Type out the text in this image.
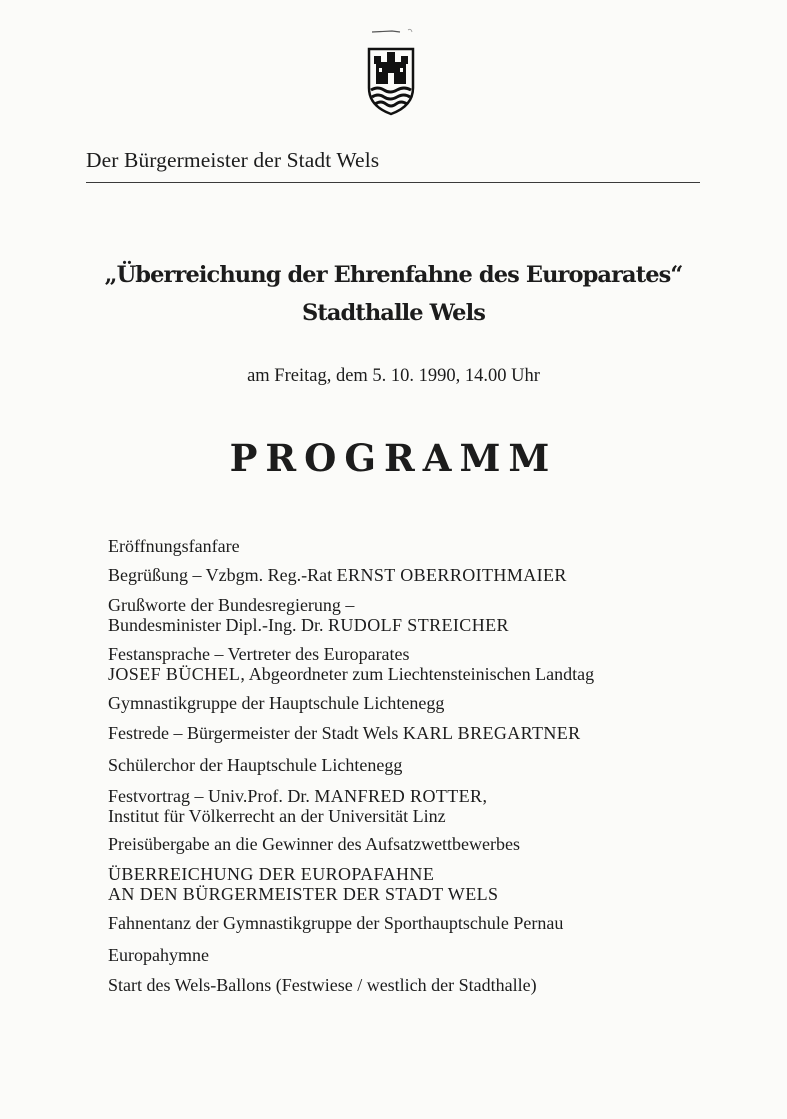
Der Bürgermeister der Stadt Wels
„Überreichung der Ehrenfahne des Europarates“
Stadthalle Wels
am Freitag, dem 5. 10. 1990, 14.00 Uhr
PROGRAMM

Eröffnungsfanfare

Begrüßung – Vzbgm. Reg.-Rat ERNST OBERROITHMAIER

Grußworte der Bundesregierung –
Bundesminister Dipl.-Ing. Dr. RUDOLF STREICHER
Festansprache – Vertreter des Europarates
JOSEF BÜCHEL, Abgeordneter zum Liechtensteinischen Landtag

Gymnastikgruppe der Hauptschule Lichtenegg

Festrede – Bürgermeister der Stadt Wels KARL BREGARTNER

Schülerchor der Hauptschule Lichtenegg

Festvortrag – Univ.Prof. Dr. MANFRED ROTTER,
Institut für Völkerrecht an der Universität Linz

Preisübergabe an die Gewinner des Aufsatzwettbewerbes

ÜBERREICHUNG DER EUROPAFAHNE
AN DEN BÜRGERMEISTER DER STADT WELS

Fahnentanz der Gymnastikgruppe der Sporthauptschule Pernau

Europahymne

Start des Wels-Ballons (Festwiese / westlich der Stadthalle)
